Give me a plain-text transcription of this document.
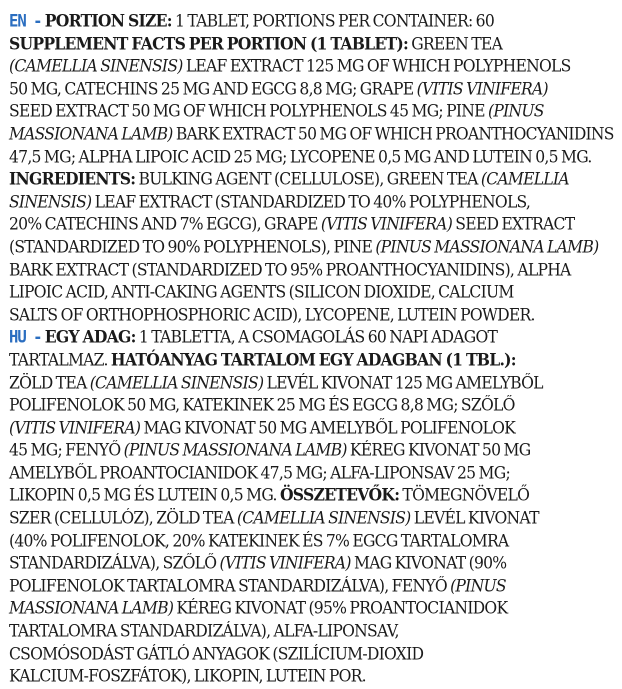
EN - PORTION SIZE: 1 TABLET, PORTIONS PER CONTAINER: 60
SUPPLEMENT FACTS PER PORTION (1 TABLET): GREEN TEA
(CAMELLIA SINENSIS) LEAF EXTRACT 125 MG OF WHICH POLYPHENOLS
50 MG, CATECHINS 25 MG AND EGCG 8,8 MG; GRAPE (VITIS VINIFERA)
SEED EXTRACT 50 MG OF WHICH POLYPHENOLS 45 MG; PINE (PINUS
MASSIONANA LAMB) BARK EXTRACT 50 MG OF WHICH PROANTHOCYANIDINS
47,5 MG; ALPHA LIPOIC ACID 25 MG; LYCOPENE 0,5 MG AND LUTEIN 0,5 MG.
INGREDIENTS: BULKING AGENT (CELLULOSE), GREEN TEA (CAMELLIA
SINENSIS) LEAF EXTRACT (STANDARDIZED TO 40% POLYPHENOLS,
20% CATECHINS AND 7% EGCG), GRAPE (VITIS VINIFERA) SEED EXTRACT
(STANDARDIZED TO 90% POLYPHENOLS), PINE (PINUS MASSIONANA LAMB)
BARK EXTRACT (STANDARDIZED TO 95% PROANTHOCYANIDINS), ALPHA
LIPOIC ACID, ANTI-CAKING AGENTS (SILICON DIOXIDE, CALCIUM
SALTS OF ORTHOPHOSPHORIC ACID), LYCOPENE, LUTEIN POWDER.
HU - EGY ADAG: 1 TABLETTA, A CSOMAGOLÁS 60 NAPI ADAGOT
TARTALMAZ. HATÓANYAG TARTALOM EGY ADAGBAN (1 TBL.):
ZÖLD TEA (CAMELLIA SINENSIS) LEVÉL KIVONAT 125 MG AMELYBŐL
POLIFENOLOK 50 MG, KATEKINEK 25 MG ÉS EGCG 8,8 MG; SZŐLŐ
(VITIS VINIFERA) MAG KIVONAT 50 MG AMELYBŐL POLIFENOLOK
45 MG; FENYŐ (PINUS MASSIONANA LAMB) KÉREG KIVONAT 50 MG
AMELYBŐL PROANTOCIANIDOK 47,5 MG; ALFA-LIPONSAV 25 MG;
LIKOPIN 0,5 MG ÉS LUTEIN 0,5 MG. ÖSSZETEVŐK: TÖMEGNÖVELŐ
SZER (CELLULÓZ), ZÖLD TEA (CAMELLIA SINENSIS) LEVÉL KIVONAT
(40% POLIFENOLOK, 20% KATEKINEK ÉS 7% EGCG TARTALOMRA
STANDARDIZÁLVA), SZŐLŐ (VITIS VINIFERA) MAG KIVONAT (90%
POLIFENOLOK TARTALOMRA STANDARDIZÁLVA), FENYŐ (PINUS
MASSIONANA LAMB) KÉREG KIVONAT (95% PROANTOCIANIDOK
TARTALOMRA STANDARDIZÁLVA), ALFA-LIPONSAV,
CSOMÓSODÁST GÁTLÓ ANYAGOK (SZILÍCIUM-DIOXID
KALCIUM-FOSZFÁTOK), LIKOPIN, LUTEIN POR.
